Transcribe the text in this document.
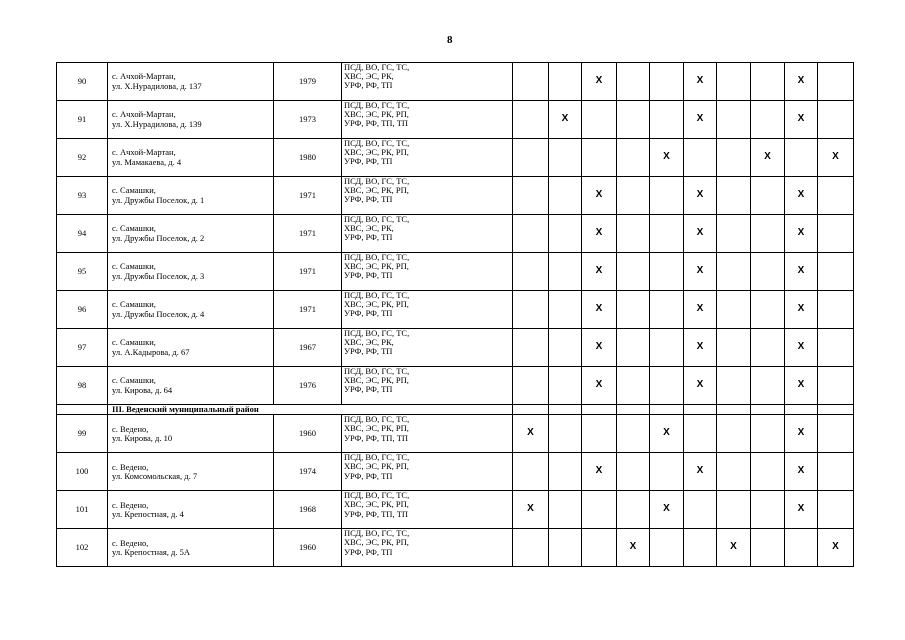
8
90	с. Ачхой-Мартан,
ул. Х.Нурадилова, д. 137	1979	ПСД, ВО, ГС, ТС,
ХВС, ЭС, РК,
УРФ, РФ, ТП			X			X			X	
91	с. Ачхой-Мартан,
ул. Х.Нурадилова, д. 139	1973	ПСД, ВО, ГС, ТС,
ХВС, ЭС, РК, РП,
УРФ, РФ, ТП, ТП		X				X			X	
92	с. Ачхой-Мартан,
ул. Мамакаева, д. 4	1980	ПСД, ВО, ГС, ТС,
ХВС, ЭС, РК, РП,
УРФ, РФ, ТП					X			X		X
93	с. Самашки,
ул. Дружбы Поселок, д. 1	1971	ПСД, ВО, ГС, ТС,
ХВС, ЭС, РК, РП,
УРФ, РФ, ТП			X			X			X	
94	с. Самашки,
ул. Дружбы Поселок, д. 2	1971	ПСД, ВО, ГС, ТС,
ХВС, ЭС, РК,
УРФ, РФ, ТП			X			X			X	
95	с. Самашки,
ул. Дружбы Поселок, д. 3	1971	ПСД, ВО, ГС, ТС,
ХВС, ЭС, РК, РП,
УРФ, РФ, ТП			X			X			X	
96	с. Самашки,
ул. Дружбы Поселок, д. 4	1971	ПСД, ВО, ГС, ТС,
ХВС, ЭС, РК, РП,
УРФ, РФ, ТП			X			X			X	
97	с. Самашки,
ул. А.Кадырова, д. 67	1967	ПСД, ВО, ГС, ТС,
ХВС, ЭС, РК,
УРФ, РФ, ТП			X			X			X	
98	с. Самашки,
ул. Кирова, д. 64	1976	ПСД, ВО, ГС, ТС,
ХВС, ЭС, РК, РП,
УРФ, РФ, ТП			X			X			X	
	III. Веденский муниципальный район												
99	с. Ведено,
ул. Кирова, д. 10	1960	ПСД, ВО, ГС, ТС,
ХВС, ЭС, РК, РП,
УРФ, РФ, ТП, ТП	X				X				X	
100	с. Ведено,
ул. Комсомольская, д. 7	1974	ПСД, ВО, ГС, ТС,
ХВС, ЭС, РК, РП,
УРФ, РФ, ТП			X			X			X	
101	с. Ведено,
ул. Крепостная, д. 4	1968	ПСД, ВО, ГС, ТС,
ХВС, ЭС, РК, РП,
УРФ, РФ, ТП, ТП	X				X				X	
102	с. Ведено,
ул. Крепостная, д. 5А	1960	ПСД, ВО, ГС, ТС,
ХВС, ЭС, РК, РП,
УРФ, РФ, ТП				X			X			X
